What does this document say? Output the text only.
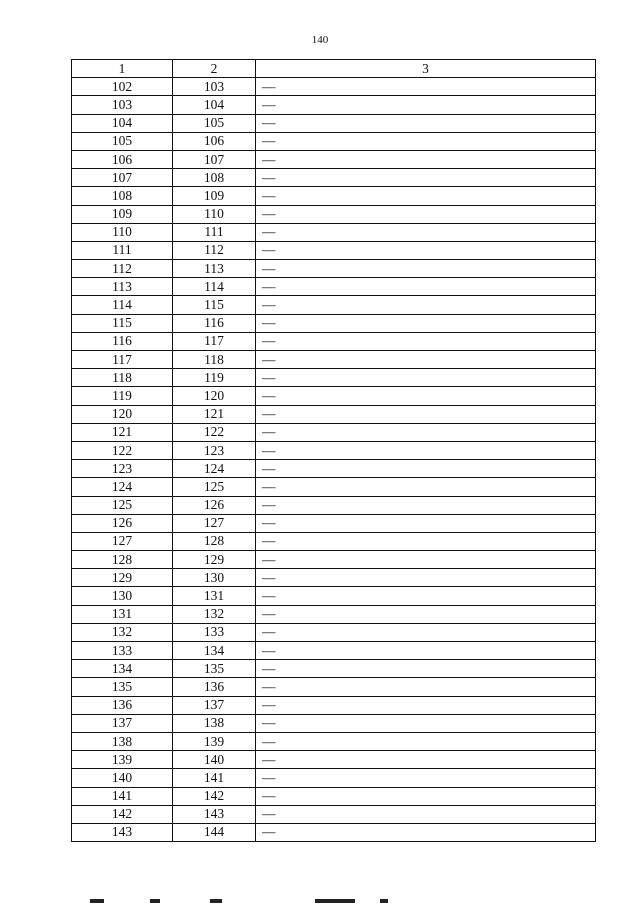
140
1	2	3
102	103	—
103	104	—
104	105	—
105	106	—
106	107	—
107	108	—
108	109	—
109	110	—
110	111	—
111	112	—
112	113	—
113	114	—
114	115	—
115	116	—
116	117	—
117	118	—
118	119	—
119	120	—
120	121	—
121	122	—
122	123	—
123	124	—
124	125	—
125	126	—
126	127	—
127	128	—
128	129	—
129	130	—
130	131	—
131	132	—
132	133	—
133	134	—
134	135	—
135	136	—
136	137	—
137	138	—
138	139	—
139	140	—
140	141	—
141	142	—
142	143	—
143	144	—
